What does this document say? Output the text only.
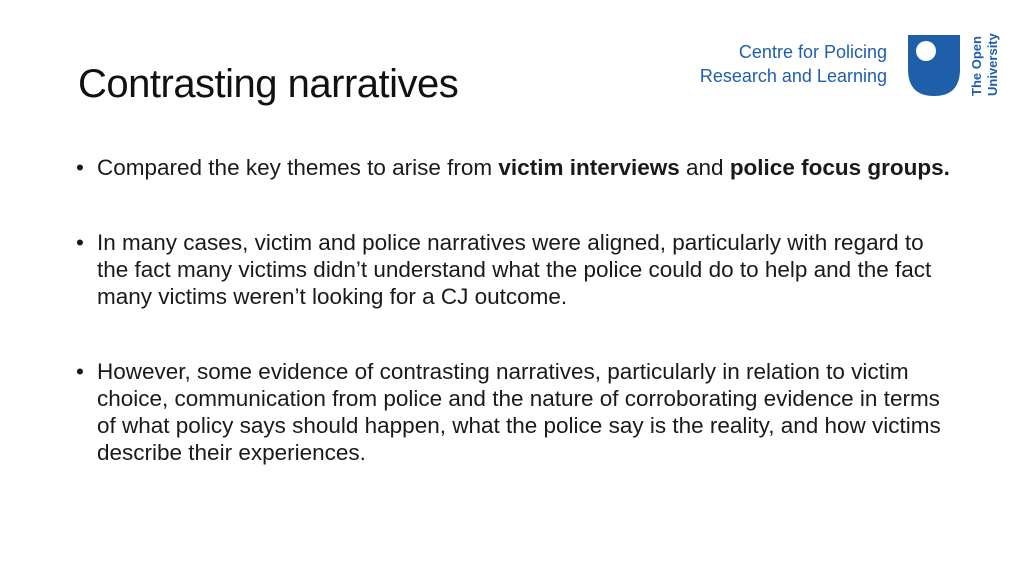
Contrasting narratives
Centre for Policing
Research and Learning	The Open University

• Compared the key themes to arise from victim interviews and police focus groups.

• In many cases, victim and police narratives were aligned, particularly with regard to the fact many victims didn’t understand what the police could do to help and the fact many victims weren’t looking for a CJ outcome.

• However, some evidence of contrasting narratives, particularly in relation to victim choice, communication from police and the nature of corroborating evidence in terms of what policy says should happen, what the police say is the reality, and how victims describe their experiences.
